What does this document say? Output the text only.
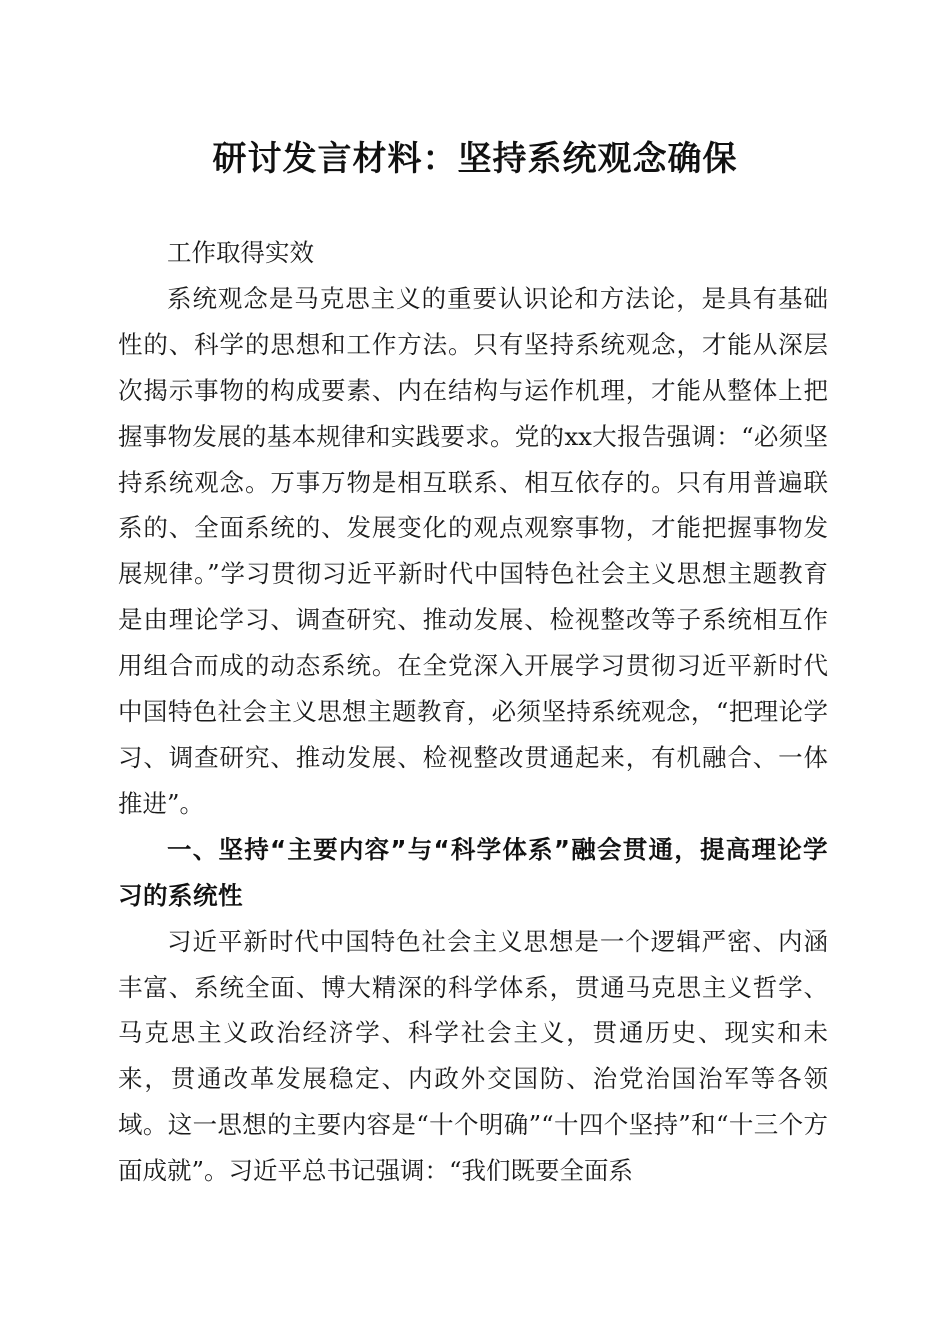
研讨发言材料：坚持系统观念确保

工作取得实效

系统观念是马克思主义的重要认识论和方法论，是具有基础性的、科学的思想和工作方法。只有坚持系统观念，才能从深层次揭示事物的构成要素、内在结构与运作机理，才能从整体上把握事物发展的基本规律和实践要求。党的xx大报告强调：“必须坚持系统观念。万事万物是相互联系、相互依存的。只有用普遍联系的、全面系统的、发展变化的观点观察事物，才能把握事物发展规律。”学习贯彻习近平新时代中国特色社会主义思想主题教育是由理论学习、调查研究、推动发展、检视整改等子系统相互作用组合而成的动态系统。在全党深入开展学习贯彻习近平新时代中国特色社会主义思想主题教育，必须坚持系统观念，“把理论学习、调查研究、推动发展、检视整改贯通起来，有机融合、一体推进”。

一、坚持“主要内容”与“科学体系”融会贯通，提高理论学习的系统性

习近平新时代中国特色社会主义思想是一个逻辑严密、内涵丰富、系统全面、博大精深的科学体系，贯通马克思主义哲学、马克思主义政治经济学、科学社会主义，贯通历史、现实和未来，贯通改革发展稳定、内政外交国防、治党治国治军等各领域。这一思想的主要内容是“十个明确”“十四个坚持”和“十三个方面成就”。习近平总书记强调：“我们既要全面系
